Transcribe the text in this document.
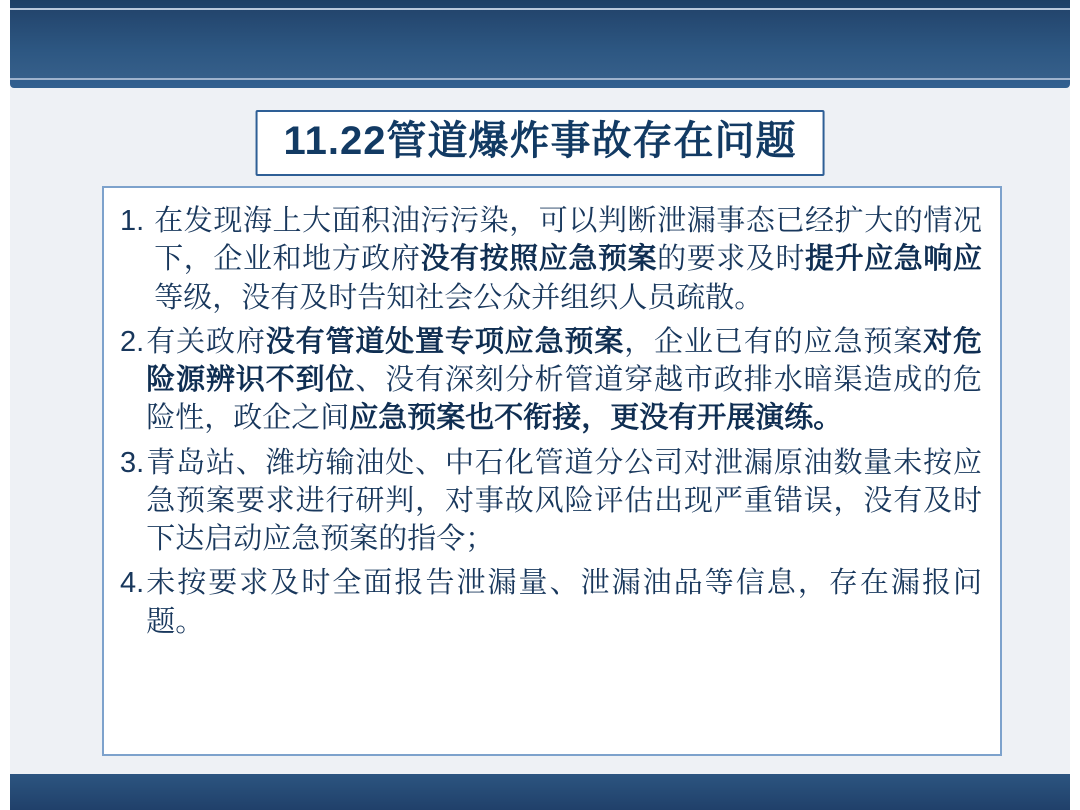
11.22管道爆炸事故存在问题
1. 在发现海上大面积油污污染，可以判断泄漏事态已经扩大的情况下，企业和地方政府没有按照应急预案的要求及时提升应急响应等级，没有及时告知社会公众并组织人员疏散。
2. 有关政府没有管道处置专项应急预案，企业已有的应急预案对危险源辨识不到位、没有深刻分析管道穿越市政排水暗渠造成的危险性，政企之间应急预案也不衔接，更没有开展演练。
3. 青岛站、潍坊输油处、中石化管道分公司对泄漏原油数量未按应急预案要求进行研判，对事故风险评估出现严重错误，没有及时下达启动应急预案的指令；
4. 未按要求及时全面报告泄漏量、泄漏油品等信息，存在漏报问题。
